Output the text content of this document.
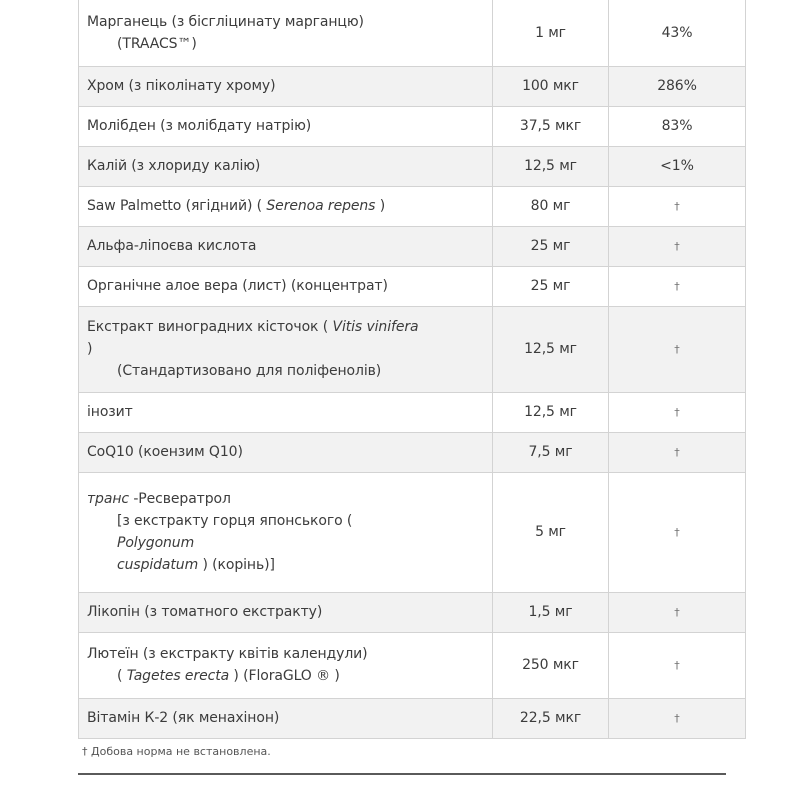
Марганець (з бісгліцинату марганцю)
(TRAACS™)	1 мг	43%
Хром (з піколінату хрому)	100 мкг	286%
Молібден (з молібдату натрію)	37,5 мкг	83%
Калій (з хлориду калію)	12,5 мг	<1%
Saw Palmetto (ягідний) ( Serenoa repens )	80 мг	†
Альфа-ліпоєва кислота	25 мг	†
Органічне алое вера (лист) (концентрат)	25 мг	†

Екстракт виноградних кісточок ( Vitis vinifera
)
(Стандартизовано для поліфенолів)	12,5 мг	†
інозит	12,5 мг	†
CoQ10 (коензим Q10)	7,5 мг	†

транс -Ресвератрол
[з екстракту горця японського (
Polygonum
cuspidatum ) (корінь)]	5 мг	†
Лікопін (з томатного екстракту)	1,5 мг	†

Лютеїн (з екстракту квітів календули)
( Tagetes erecta ) (FloraGLO ® )	250 мкг	†
Вітамін К-2 (як менахінон)	22,5 мкг	†
† Добова норма не встановлена.
